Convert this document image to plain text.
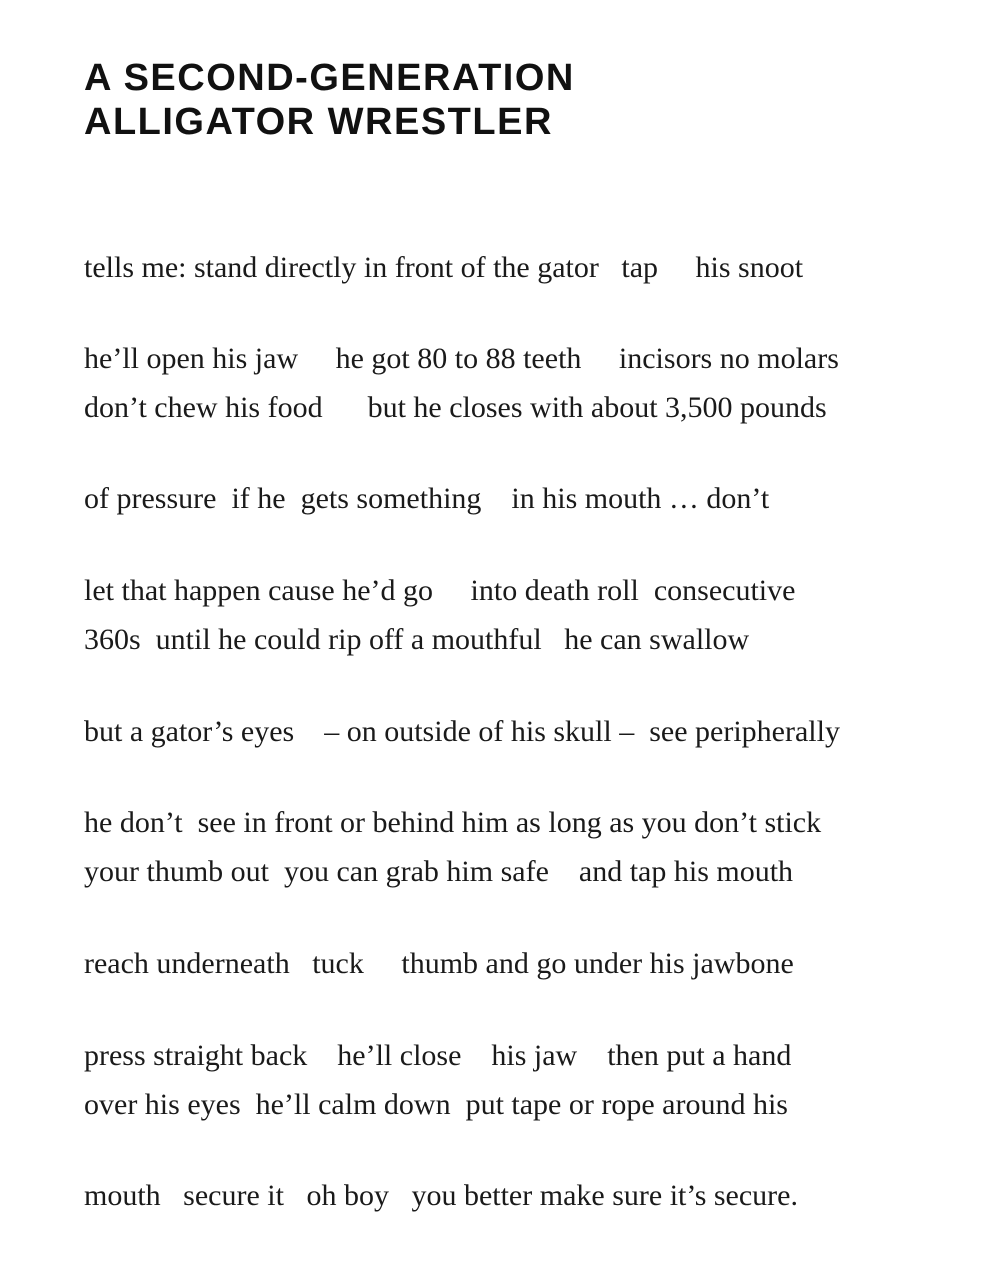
A SECOND-GENERATION
ALLIGATOR WRESTLER

tells me: stand directly in front of the gator   tap     his snoot

he’ll open his jaw     he got 80 to 88 teeth     incisors no molars

don’t chew his food      but he closes with about 3,500 pounds

of pressure  if he  gets something    in his mouth … don’t

let that happen cause he’d go     into death roll  consecutive

360s  until he could rip off a mouthful   he can swallow

but a gator’s eyes    – on outside of his skull –  see peripherally

he don’t  see in front or behind him as long as you don’t stick

your thumb out  you can grab him safe    and tap his mouth

reach underneath   tuck     thumb and go under his jawbone

press straight back    he’ll close    his jaw    then put a hand

over his eyes  he’ll calm down  put tape or rope around his

mouth   secure it   oh boy   you better make sure it’s secure.
